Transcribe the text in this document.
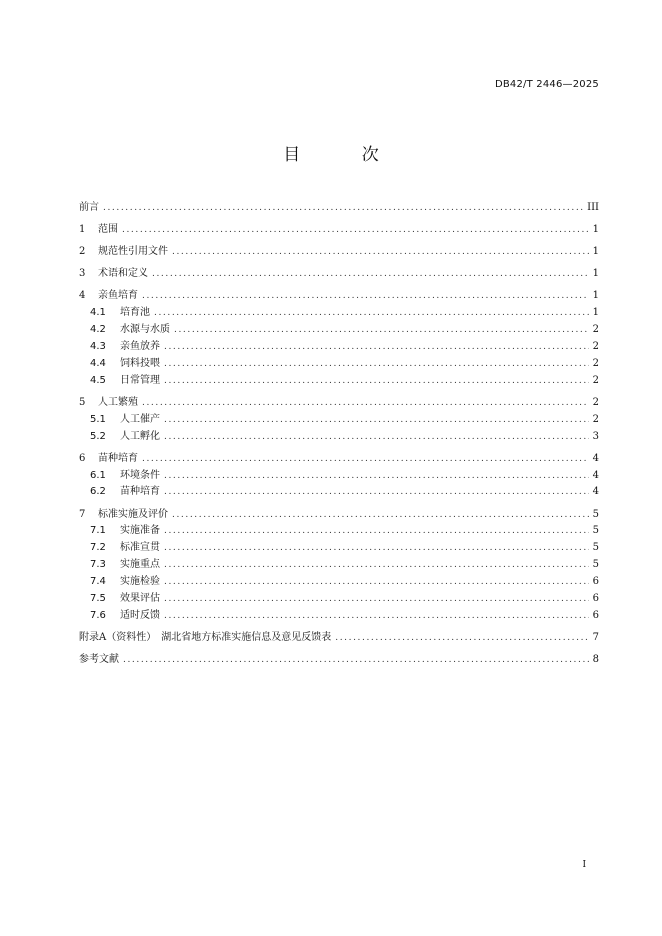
DB42/T 2446—2025
目 次
前言 .....	III
1	范围 .....	1
2	规范性引用文件 .....	1
3	术语和定义 .....	1
4	亲鱼培育 .....	1
4.1	培育池 .....	1
4.2	水源与水质 .....	2
4.3	亲鱼放养 .....	2
4.4	饲料投喂 .....	2
4.5	日常管理 .....	2
5	人工繁殖 .....	2
5.1	人工催产 .....	2
5.2	人工孵化 .....	3
6	苗种培育 .....	4
6.1	环境条件 .....	4
6.2	苗种培育 .....	4
7	标准实施及评价 .....	5
7.1	实施准备 .....	5
7.2	标准宣贯 .....	5
7.3	实施重点 .....	5
7.4	实施检验 .....	6
7.5	效果评估 .....	6
7.6	适时反馈 .....	6
附录A（资料性）　湖北省地方标准实施信息及意见反馈表 .....	7
参考文献 .....	8
I
